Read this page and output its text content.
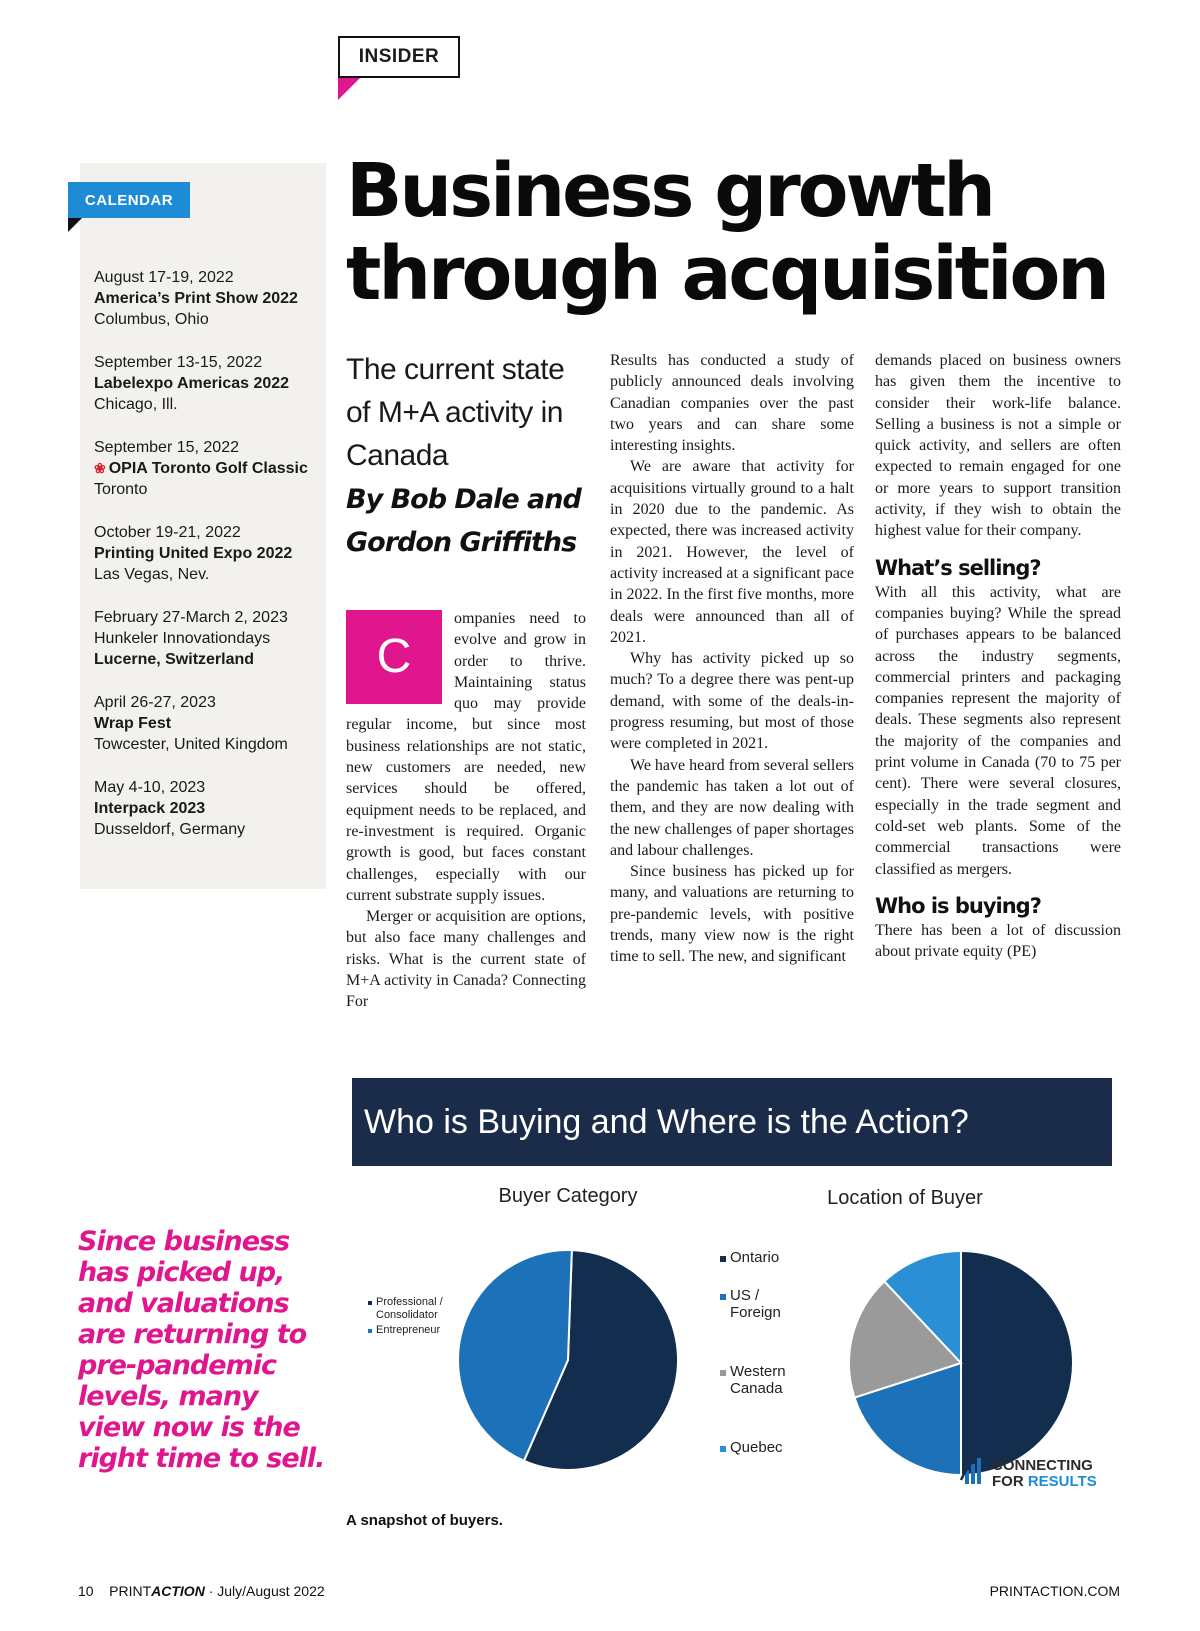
INSIDER
CALENDAR
August 17-19, 2022
America’s Print Show 2022
Columbus, Ohio
September 13-15, 2022
Labelexpo Americas 2022
Chicago, Ill.
September 15, 2022
❀ OPIA Toronto Golf Classic
Toronto
October 19-21, 2022
Printing United Expo 2022
Las Vegas, Nev.
February 27-March 2, 2023
Hunkeler Innovationdays
Lucerne, Switzerland
April 26-27, 2023
Wrap Fest
Towcester, United Kingdom
May 4-10, 2023
Interpack 2023
Dusseldorf, Germany
Business growth
through acquisition
The current state of M+A activity in Canada
By Bob Dale and Gordon Griffiths

C
ompanies need to evolve and grow in order to thrive. Maintaining status quo may provide regular income, but since most business relationships are not static, new customers are needed, new services should be offered, equipment needs to be replaced, and re-investment is required. Organic growth is good, but faces constant challenges, especially with our current substrate supply issues.

Merger or acquisition are options, but also face many challenges and risks. What is the current state of M+A activity in Canada? Connecting For

Results has conducted a study of publicly announced deals involving Canadian companies over the past two years and can share some interesting insights.

We are aware that activity for acquisitions virtually ground to a halt in 2020 due to the pandemic. As expected, there was increased activity in 2021. However, the level of activity increased at a significant pace in 2022. In the first five months, more deals were announced than all of 2021.

Why has activity picked up so much? To a degree there was pent-up demand, with some of the deals-in-progress resuming, but most of those were completed in 2021.

We have heard from several sellers the pandemic has taken a lot out of them, and they are now dealing with the new challenges of paper shortages and labour challenges.

Since business has picked up for many, and valuations are returning to pre-pandemic levels, with positive trends, many view now is the right time to sell. The new, and significant

demands placed on business owners has given them the incentive to consider their work-life balance. Selling a business is not a simple or quick activity, and sellers are often expected to remain engaged for one or more years to support transition activity, if they wish to obtain the highest value for their company.

What’s selling?

With all this activity, what are companies buying? While the spread of purchases appears to be balanced across the industry segments, commercial printers and packaging companies represent the majority of deals. These segments also represent the majority of the companies and print volume in Canada (70 to 75 per cent). There were several closures, especially in the trade segment and cold-set web plants. Some of the commercial transactions were classified as mergers.

Who is buying?

There has been a lot of discussion about private equity (PE)

Who is Buying and Where is the Action?
Buyer Category	Location of Buyer
Professional / Consolidator
Entrepreneur
Ontario
US / Foreign
Western Canada
Quebec
CONNECTING
FOR RESULTS
Since business has picked up, and valuations are returning to pre-pandemic levels, many view now is the right time to sell.
A snapshot of buyers.
10 PRINTACTION · July/August 2022	PRINTACTION.COM
